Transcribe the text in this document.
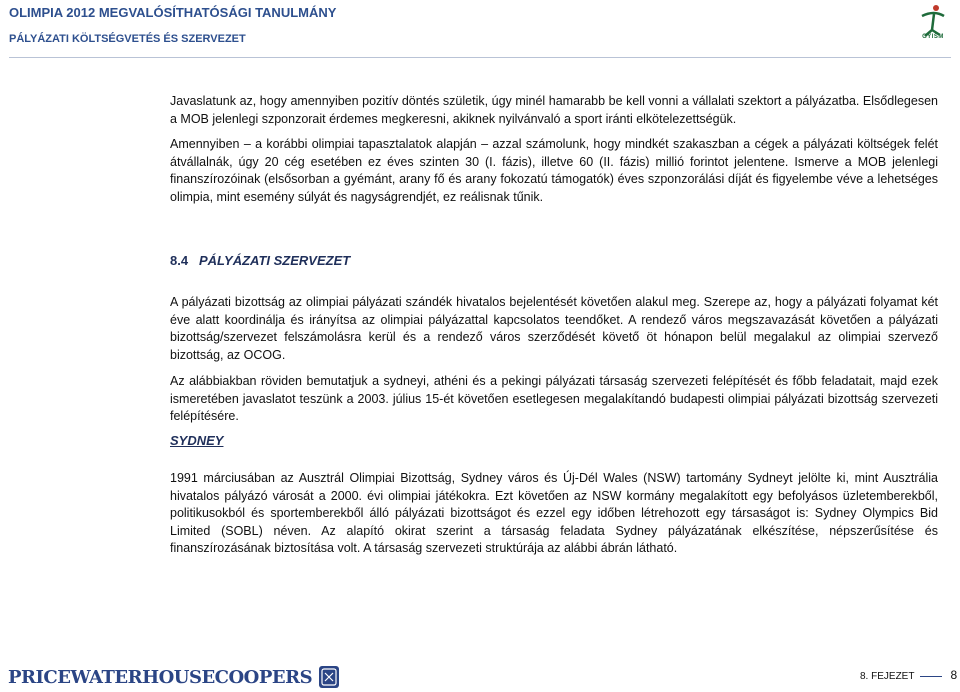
OLIMPIA 2012 MEGVALÓSÍTHATÓSÁGI TANULMÁNY
PÁLYÁZATI KÖLTSÉGVETÉS ÉS SZERVEZET	GYISM

Javaslatunk az, hogy amennyiben pozitív döntés születik, úgy minél hamarabb be kell vonni a vállalati szektort a pályázatba. Elsődlegesen a MOB jelenlegi szponzorait érdemes megkeresni, akiknek nyilvánvaló a sport iránti elkötelezettségük.

Amennyiben – a korábbi olimpiai tapasztalatok alapján – azzal számolunk, hogy mindkét szakaszban a cégek a pályázati költségek felét átvállalnák, úgy 20 cég esetében ez éves szinten 30 (I. fázis), illetve 60 (II. fázis) millió forintot jelentene. Ismerve a MOB jelenlegi finanszírozóinak (elsősorban a gyémánt, arany fő és arany fokozatú támogatók) éves szponzorálási díját és figyelembe véve a lehetséges olimpia, mint esemény súlyát és nagyságrendjét, ez reálisnak tűnik.

8.4 PÁLYÁZATI SZERVEZET

A pályázati bizottság az olimpiai pályázati szándék hivatalos bejelentését követően alakul meg. Szerepe az, hogy a pályázati folyamat két éve alatt koordinálja és irányítsa az olimpiai pályázattal kapcsolatos teendőket. A rendező város megszavazását követően a pályázati bizottság/szervezet felszámolásra kerül és a rendező város szerződését követő öt hónapon belül megalakul az olimpiai szervező bizottság, az OCOG.

Az alábbiakban röviden bemutatjuk a sydneyi, athéni és a pekingi pályázati társaság szervezeti felépítését és főbb feladatait, majd ezek ismeretében javaslatot teszünk a 2003. július 15-ét követően esetlegesen megalakítandó budapesti olimpiai pályázati bizottság szervezeti felépítésére.

SYDNEY

1991 márciusában az Ausztrál Olimpiai Bizottság, Sydney város és Új-Dél Wales (NSW) tartomány Sydneyt jelölte ki, mint Ausztrália hivatalos pályázó városát a 2000. évi olimpiai játékokra. Ezt követően az NSW kormány megalakított egy befolyásos üzletemberekből, politikusokból és sportemberekből álló pályázati bizottságot és ezzel egy időben létrehozott egy társaságot is: Sydney Olympics Bid Limited (SOBL) néven. Az alapító okirat szerint a társaság feladata Sydney pályázatának elkészítése, népszerűsítése és finanszírozásának biztosítása volt. A társaság szervezeti struktúrája az alábbi ábrán látható.

PRICEWATERHOUSECOOPERS	8. FEJEZET	8
